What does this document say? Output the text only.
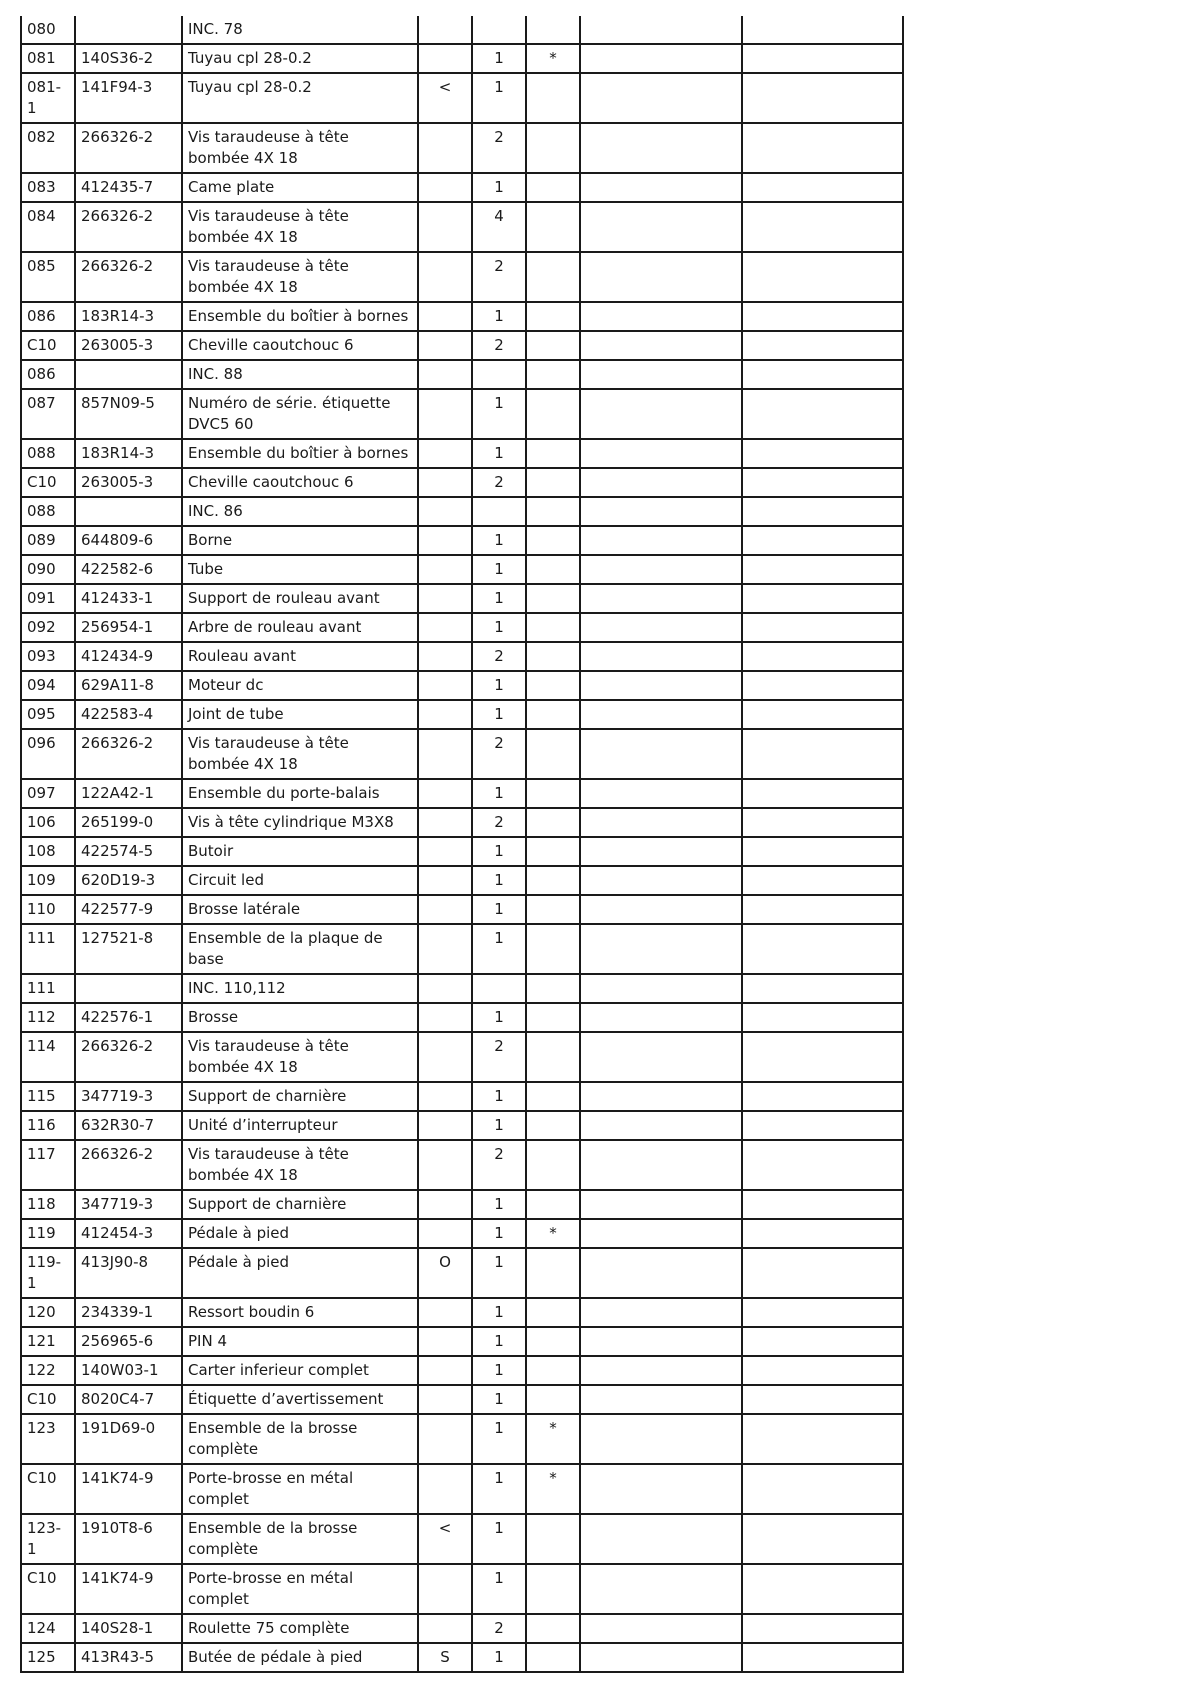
080		INC. 78					
081	140S36-2	Tuyau cpl 28-0.2		1	*		
081-1	141F94-3	Tuyau cpl 28-0.2	<	1			
082	266326-2	Vis taraudeuse à tête bombée 4X 18		2			
083	412435-7	Came plate		1			
084	266326-2	Vis taraudeuse à tête bombée 4X 18		4			
085	266326-2	Vis taraudeuse à tête bombée 4X 18		2			
086	183R14-3	Ensemble du boîtier à bornes		1			
C10	263005-3	Cheville caoutchouc 6		2			
086		INC. 88					
087	857N09-5	Numéro de série. étiquette DVC5 60		1			
088	183R14-3	Ensemble du boîtier à bornes		1			
C10	263005-3	Cheville caoutchouc 6		2			
088		INC. 86					
089	644809-6	Borne		1			
090	422582-6	Tube		1			
091	412433-1	Support de rouleau avant		1			
092	256954-1	Arbre de rouleau avant		1			
093	412434-9	Rouleau avant		2			
094	629A11-8	Moteur dc		1			
095	422583-4	Joint de tube		1			
096	266326-2	Vis taraudeuse à tête bombée 4X 18		2			
097	122A42-1	Ensemble du porte-balais		1			
106	265199-0	Vis à tête cylindrique M3X8		2			
108	422574-5	Butoir		1			
109	620D19-3	Circuit led		1			
110	422577-9	Brosse latérale		1			
111	127521-8	Ensemble de la plaque de base		1			
111		INC. 110,112					
112	422576-1	Brosse		1			
114	266326-2	Vis taraudeuse à tête bombée 4X 18		2			
115	347719-3	Support de charnière		1			
116	632R30-7	Unité d’interrupteur		1			
117	266326-2	Vis taraudeuse à tête bombée 4X 18		2			
118	347719-3	Support de charnière		1			
119	412454-3	Pédale à pied		1	*		
119-1	413J90-8	Pédale à pied	O	1			
120	234339-1	Ressort boudin 6		1			
121	256965-6	PIN 4		1			
122	140W03-1	Carter inferieur complet		1			
C10	8020C4-7	Étiquette d’avertissement		1			
123	191D69-0	Ensemble de la brosse complète		1	*		
C10	141K74-9	Porte-brosse en métal complet		1	*		
123-1	1910T8-6	Ensemble de la brosse complète	<	1			
C10	141K74-9	Porte-brosse en métal complet		1			
124	140S28-1	Roulette 75 complète		2			
125	413R43-5	Butée de pédale à pied	S	1			
